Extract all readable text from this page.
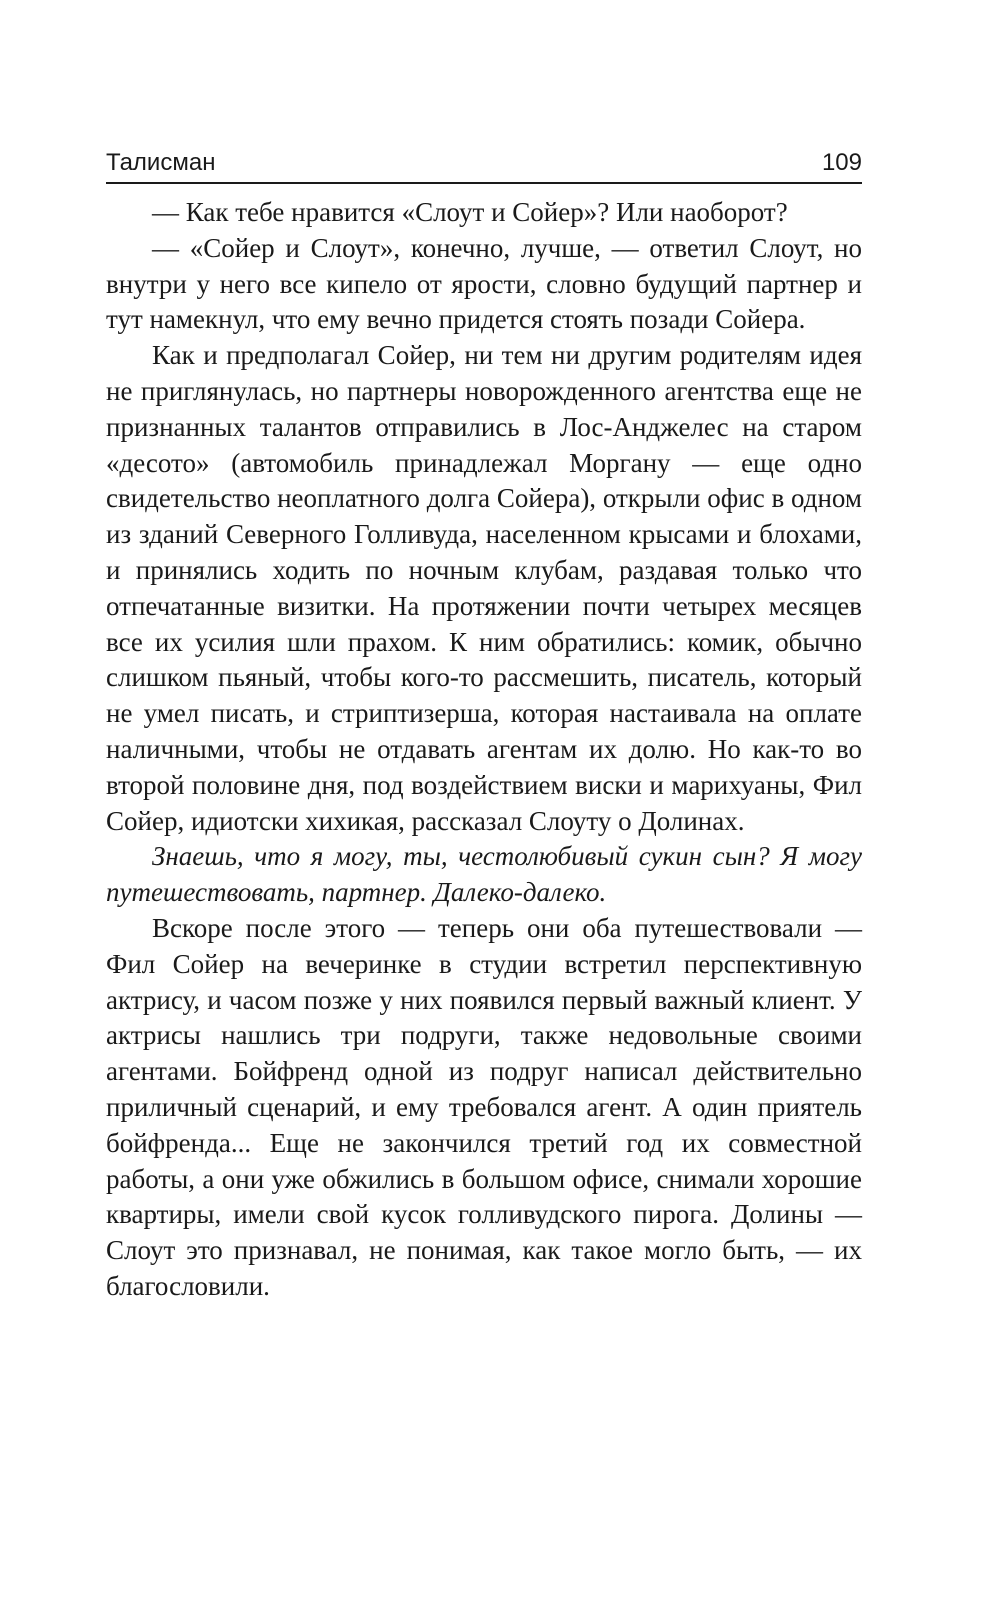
Талисман	109

— Как тебе нравится «Слоут и Сойер»? Или наоборот?

— «Сойер и Слоут», конечно, лучше, — ответил Слоут, но внутри у него все кипело от ярости, словно будущий партнер и тут намекнул, что ему вечно придется стоять позади Сойера.

Как и предполагал Сойер, ни тем ни другим родителям идея не приглянулась, но партнеры новорожденного агентства еще не признанных талантов отправились в Лос-Анджелес на старом «десото» (автомобиль принадлежал Моргану — еще одно свидетельство неоплатного долга Сойера), открыли офис в одном из зданий Северного Голливуда, населенном крысами и блохами, и принялись ходить по ночным клубам, раздавая только что отпечатанные визитки. На протяжении почти четырех месяцев все их усилия шли прахом. К ним обратились: комик, обычно слишком пьяный, чтобы кого-то рассмешить, писатель, который не умел писать, и стриптизерша, которая настаивала на оплате наличными, чтобы не отдавать агентам их долю. Но как-то во второй половине дня, под воздействием виски и марихуаны, Фил Сойер, идиотски хихикая, рассказал Слоуту о Долинах.

Знаешь, что я могу, ты, честолюбивый сукин сын? Я могу путешествовать, партнер. Далеко-далеко.

Вскоре после этого — теперь они оба путешествовали — Фил Сойер на вечеринке в студии встретил перспективную актрису, и часом позже у них появился первый важный клиент. У актрисы нашлись три подруги, также недовольные своими агентами. Бойфренд одной из подруг написал действительно приличный сценарий, и ему требовался агент. А один приятель бойфренда... Еще не закончился третий год их совместной работы, а они уже обжились в большом офисе, снимали хорошие квартиры, имели свой кусок голливудского пирога. Долины — Слоут это признавал, не понимая, как такое могло быть, — их благословили.
